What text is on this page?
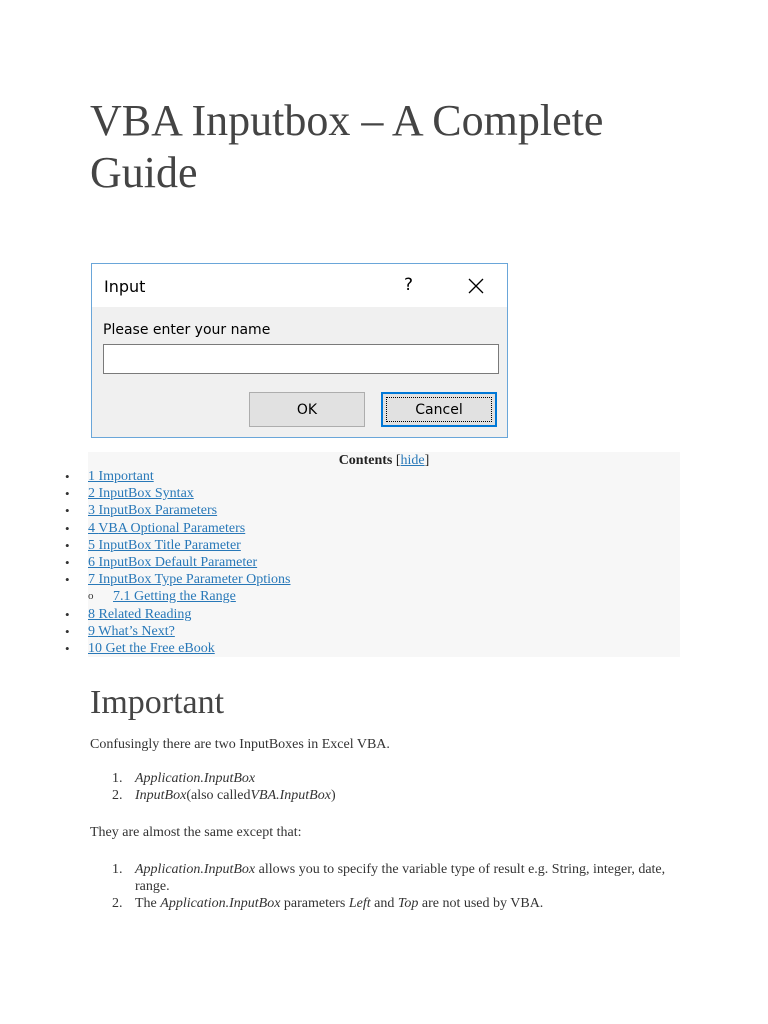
VBA Inputbox – A Complete Guide
Input	?
Please enter your name
OK	Cancel
Contents [hide]
• 1 Important
• 2 InputBox Syntax
• 3 InputBox Parameters
• 4 VBA Optional Parameters
• 5 InputBox Title Parameter
• 6 InputBox Default Parameter
• 7 InputBox Type Parameter Options
o 7.1 Getting the Range
• 8 Related Reading
• 9 What’s Next?
• 10 Get the Free eBook
Important

Confusingly there are two InputBoxes in Excel VBA.

1. Application.InputBox
2. InputBox(also calledVBA.InputBox)

They are almost the same except that:

1. Application.InputBox allows you to specify the variable type of result e.g. String, integer, date, range.
2. The Application.InputBox parameters Left and Top are not used by VBA.
